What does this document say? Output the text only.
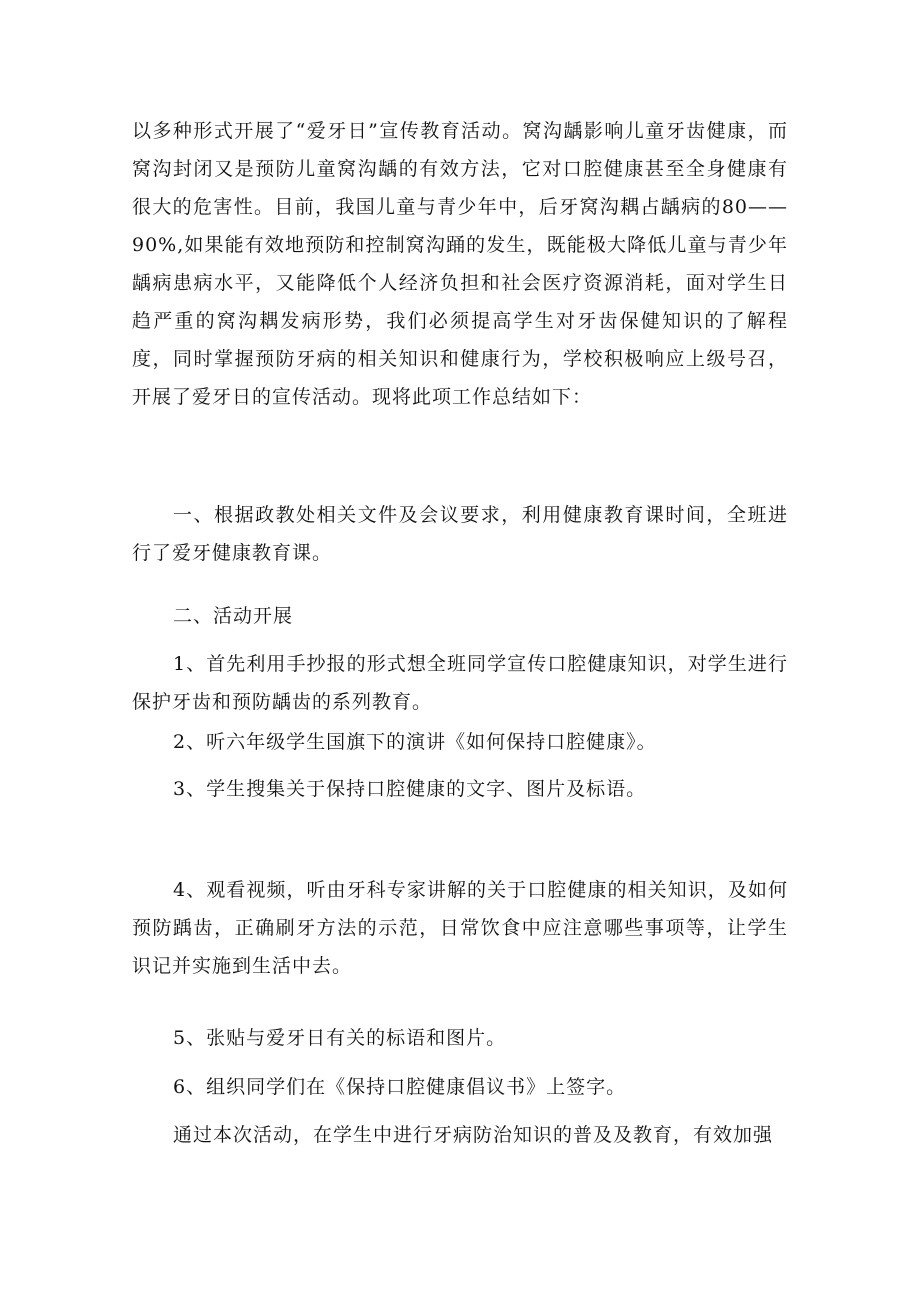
以多种形式开展了“爱牙日”宣传教育活动。窝沟龋影响儿童牙齿健康，而窝沟封闭又是预防儿童窝沟龋的有效方法，它对口腔健康甚至全身健康有很大的危害性。目前，我国儿童与青少年中，后牙窝沟耦占龋病的80——90%,如果能有效地预防和控制窝沟踊的发生，既能极大降低儿童与青少年龋病患病水平，又能降低个人经济负担和社会医疗资源消耗，面对学生日趋严重的窝沟耦发病形势，我们必须提高学生对牙齿保健知识的了解程度，同时掌握预防牙病的相关知识和健康行为，学校积极响应上级号召，开展了爱牙日的宣传活动。现将此项工作总结如下：

一、根据政教处相关文件及会议要求，利用健康教育课时间，全班进行了爱牙健康教育课。

二、活动开展

1、首先利用手抄报的形式想全班同学宣传口腔健康知识，对学生进行保护牙齿和预防龋齿的系列教育。

2、听六年级学生国旗下的演讲《如何保持口腔健康》。

3、学生搜集关于保持口腔健康的文字、图片及标语。

4、观看视频，听由牙科专家讲解的关于口腔健康的相关知识，及如何预防踽齿，正确刷牙方法的示范，日常饮食中应注意哪些事项等，让学生识记并实施到生活中去。

5、张贴与爱牙日有关的标语和图片。

6、组织同学们在《保持口腔健康倡议书》上签字。

通过本次活动，在学生中进行牙病防治知识的普及及教育，有效加强
